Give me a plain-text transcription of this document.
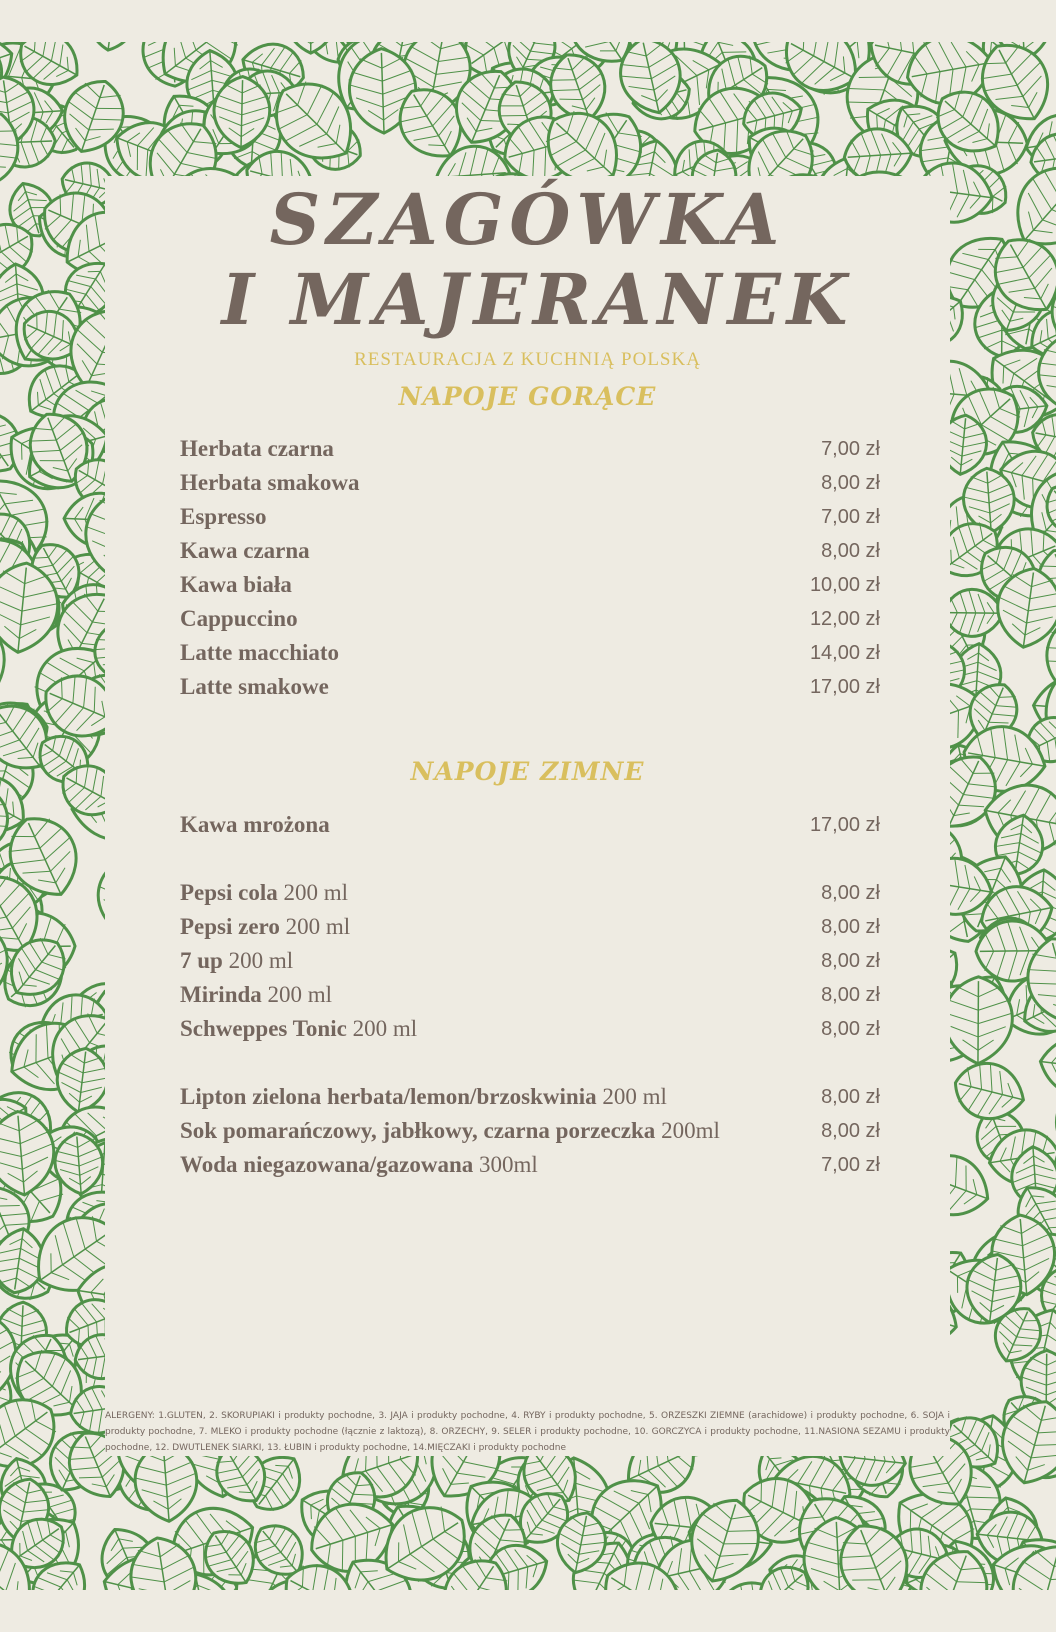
SZAGÓWKA
I MAJERANEK
RESTAURACJA Z KUCHNIĄ POLSKĄ
NAPOJE GORĄCE
Herbata czarna	7,00 zł
Herbata smakowa	8,00 zł
Espresso	7,00 zł
Kawa czarna	8,00 zł
Kawa biała	10,00 zł
Cappuccino	12,00 zł
Latte macchiato	14,00 zł
Latte smakowe	17,00 zł
NAPOJE ZIMNE
Kawa mrożona	17,00 zł
Pepsi cola 200 ml	8,00 zł
Pepsi zero 200 ml	8,00 zł
7 up 200 ml	8,00 zł
Mirinda 200 ml	8,00 zł
Schweppes Tonic 200 ml	8,00 zł
Lipton zielona herbata/lemon/brzoskwinia 200 ml	8,00 zł
Sok pomarańczowy, jabłkowy, czarna porzeczka 200ml	8,00 zł
Woda niegazowana/gazowana 300ml	7,00 zł

ALERGENY: 1.GLUTEN, 2. SKORUPIAKI i produkty pochodne, 3. JAJA i produkty pochodne, 4. RYBY i produkty pochodne, 5. ORZESZKI ZIEMNE (arachidowe) i produkty pochodne, 6. SOJA i produkty pochodne, 7. MLEKO i produkty pochodne (łącznie z laktozą), 8. ORZECHY, 9. SELER i produkty pochodne, 10. GORCZYCA i produkty pochodne, 11.NASIONA SEZAMU i produkty pochodne, 12. DWUTLENEK SIARKI, 13. ŁUBIN i produkty pochodne, 14.MIĘCZAKI i produkty pochodne
